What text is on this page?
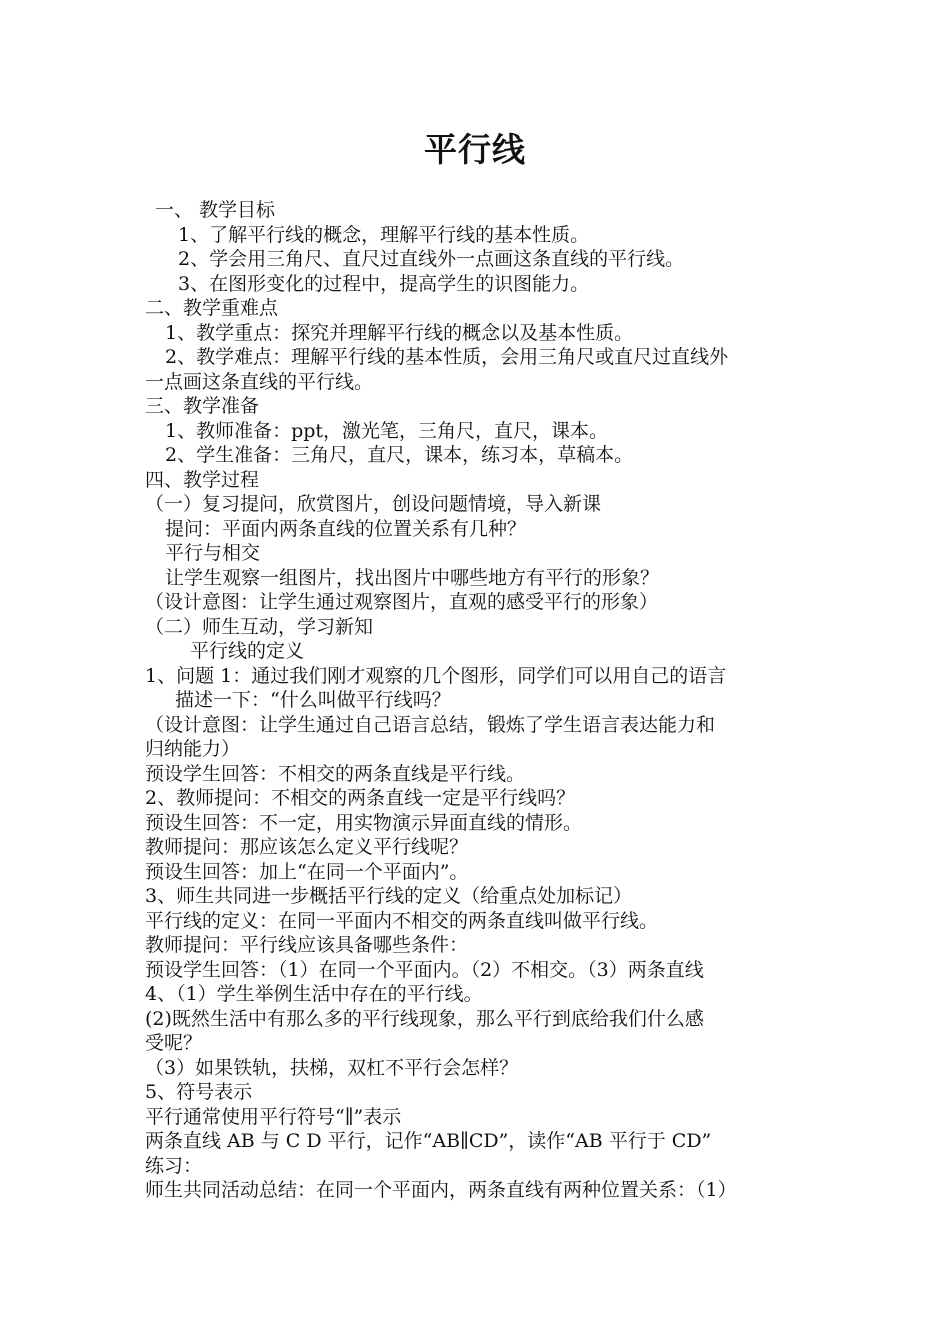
平行线
一、 教学目标
1、了解平行线的概念，理解平行线的基本性质。
2、学会用三角尺、直尺过直线外一点画这条直线的平行线。
3、在图形变化的过程中，提高学生的识图能力。
二、教学重难点
1、教学重点：探究并理解平行线的概念以及基本性质。
2、教学难点：理解平行线的基本性质，会用三角尺或直尺过直线外
一点画这条直线的平行线。
三、教学准备
1、教师准备：ppt，激光笔，三角尺，直尺，课本。
2、学生准备：三角尺，直尺，课本，练习本，草稿本。
四、教学过程
（一）复习提问，欣赏图片，创设问题情境，导入新课
提问：平面内两条直线的位置关系有几种？
平行与相交
让学生观察一组图片，找出图片中哪些地方有平行的形象？
（设计意图：让学生通过观察图片，直观的感受平行的形象）
（二）师生互动，学习新知
平行线的定义
1、问题 1：通过我们刚才观察的几个图形，同学们可以用自己的语言
描述一下：“什么叫做平行线吗？
（设计意图：让学生通过自己语言总结，锻炼了学生语言表达能力和
归纳能力）
预设学生回答：不相交的两条直线是平行线。
2、教师提问：不相交的两条直线一定是平行线吗？
预设生回答：不一定，用实物演示异面直线的情形。
教师提问：那应该怎么定义平行线呢？
预设生回答：加上“在同一个平面内”。
3、师生共同进一步概括平行线的定义（给重点处加标记）
平行线的定义：在同一平面内不相交的两条直线叫做平行线。
教师提问：平行线应该具备哪些条件：
预设学生回答：（1）在同一个平面内。（2）不相交。（3）两条直线
4、（1）学生举例生活中存在的平行线。
(2)既然生活中有那么多的平行线现象，那么平行到底给我们什么感
受呢？
（3）如果铁轨，扶梯，双杠不平行会怎样？
5、符号表示
平行通常使用平行符号“∥”表示
两条直线 AB 与 C D 平行，记作“AB∥CD”，读作“AB 平行于 CD”
练习：
师生共同活动总结：在同一个平面内，两条直线有两种位置关系：（1）
